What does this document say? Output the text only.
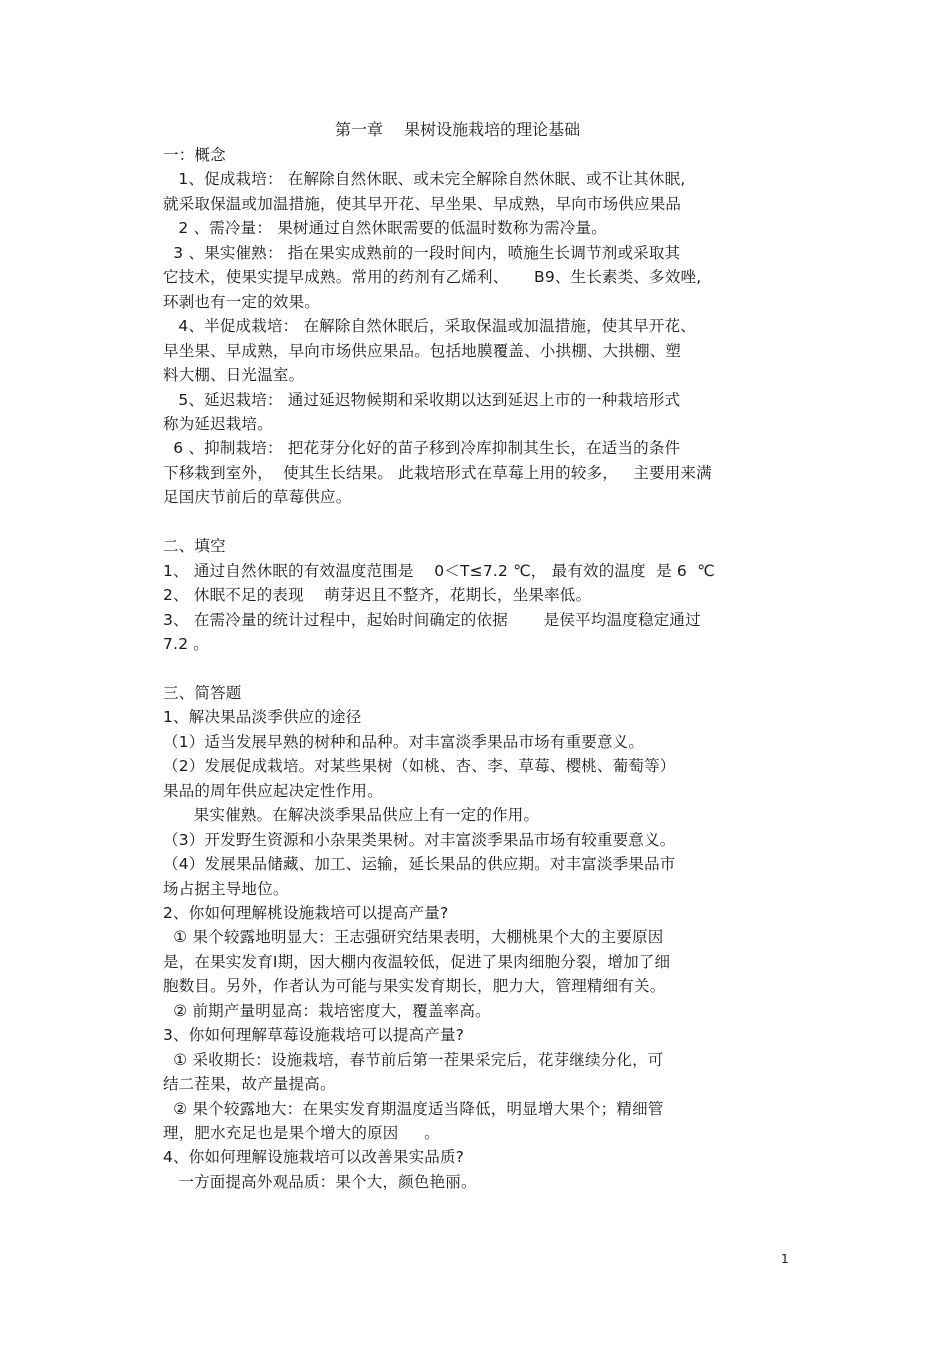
第一章　 果树设施栽培的理论基础
一：概念
1、促成栽培： 在解除自然休眠、或未完全解除自然休眠、或不让其休眠,
就采取保温或加温措施，使其早开花、早坐果、早成熟，早向市场供应果品
2 、需冷量： 果树通过自然休眠需要的低温时数称为需冷量。
3 、果实催熟： 指在果实成熟前的一段时间内，喷施生长调节剂或采取其
它技术，使果实提早成熟。常用的药剂有乙烯利、     B9、生长素类、多效唑,
环剥也有一定的效果。
4、半促成栽培： 在解除自然休眠后，采取保温或加温措施，使其早开花、
早坐果、早成熟，早向市场供应果品。包括地膜覆盖、小拱棚、大拱棚、塑
料大棚、日光温室。
5、延迟栽培： 通过延迟物候期和采收期以达到延迟上市的一种栽培形式
称为延迟栽培。
6 、抑制栽培： 把花芽分化好的苗子移到冷库抑制其生长，在适当的条件
下移栽到室外，  使其生长结果。 此栽培形式在草莓上用的较多，   主要用来满
足国庆节前后的草莓供应。
二、填空
1、 通过自然休眠的有效温度范围是    0＜T≤7.2 ℃， 最有效的温度  是 6  ℃
2、 休眠不足的表现    萌芽迟且不整齐，花期长，坐果率低。
3、 在需冷量的统计过程中，起始时间确定的依据       是侯平均温度稳定通过
7.2 。
三、简答题
1、解决果品淡季供应的途径
（1）适当发展早熟的树种和品种。对丰富淡季果品市场有重要意义。
（2）发展促成栽培。对某些果树（如桃、杏、李、草莓、樱桃、葡萄等）
果品的周年供应起决定性作用。
果实催熟。在解决淡季果品供应上有一定的作用。
（3）开发野生资源和小杂果类果树。对丰富淡季果品市场有较重要意义。
（4）发展果品储藏、加工、运输，延长果品的供应期。对丰富淡季果品市
场占据主导地位。
2、你如何理解桃设施栽培可以提高产量?
① 果个较露地明显大：王志强研究结果表明，大棚桃果个大的主要原因
是，在果实发育Ⅰ期，因大棚内夜温较低，促进了果肉细胞分裂，增加了细
胞数目。另外，作者认为可能与果实发育期长，肥力大，管理精细有关。
② 前期产量明显高：栽培密度大，覆盖率高。
3、你如何理解草莓设施栽培可以提高产量?
① 采收期长：设施栽培，春节前后第一茬果采完后，花芽继续分化，可
结二茬果，故产量提高。
② 果个较露地大：在果实发育期温度适当降低，明显增大果个；精细管
理，肥水充足也是果个增大的原因     。
4、你如何理解设施栽培可以改善果实品质?
一方面提高外观品质：果个大，颜色艳丽。
1
